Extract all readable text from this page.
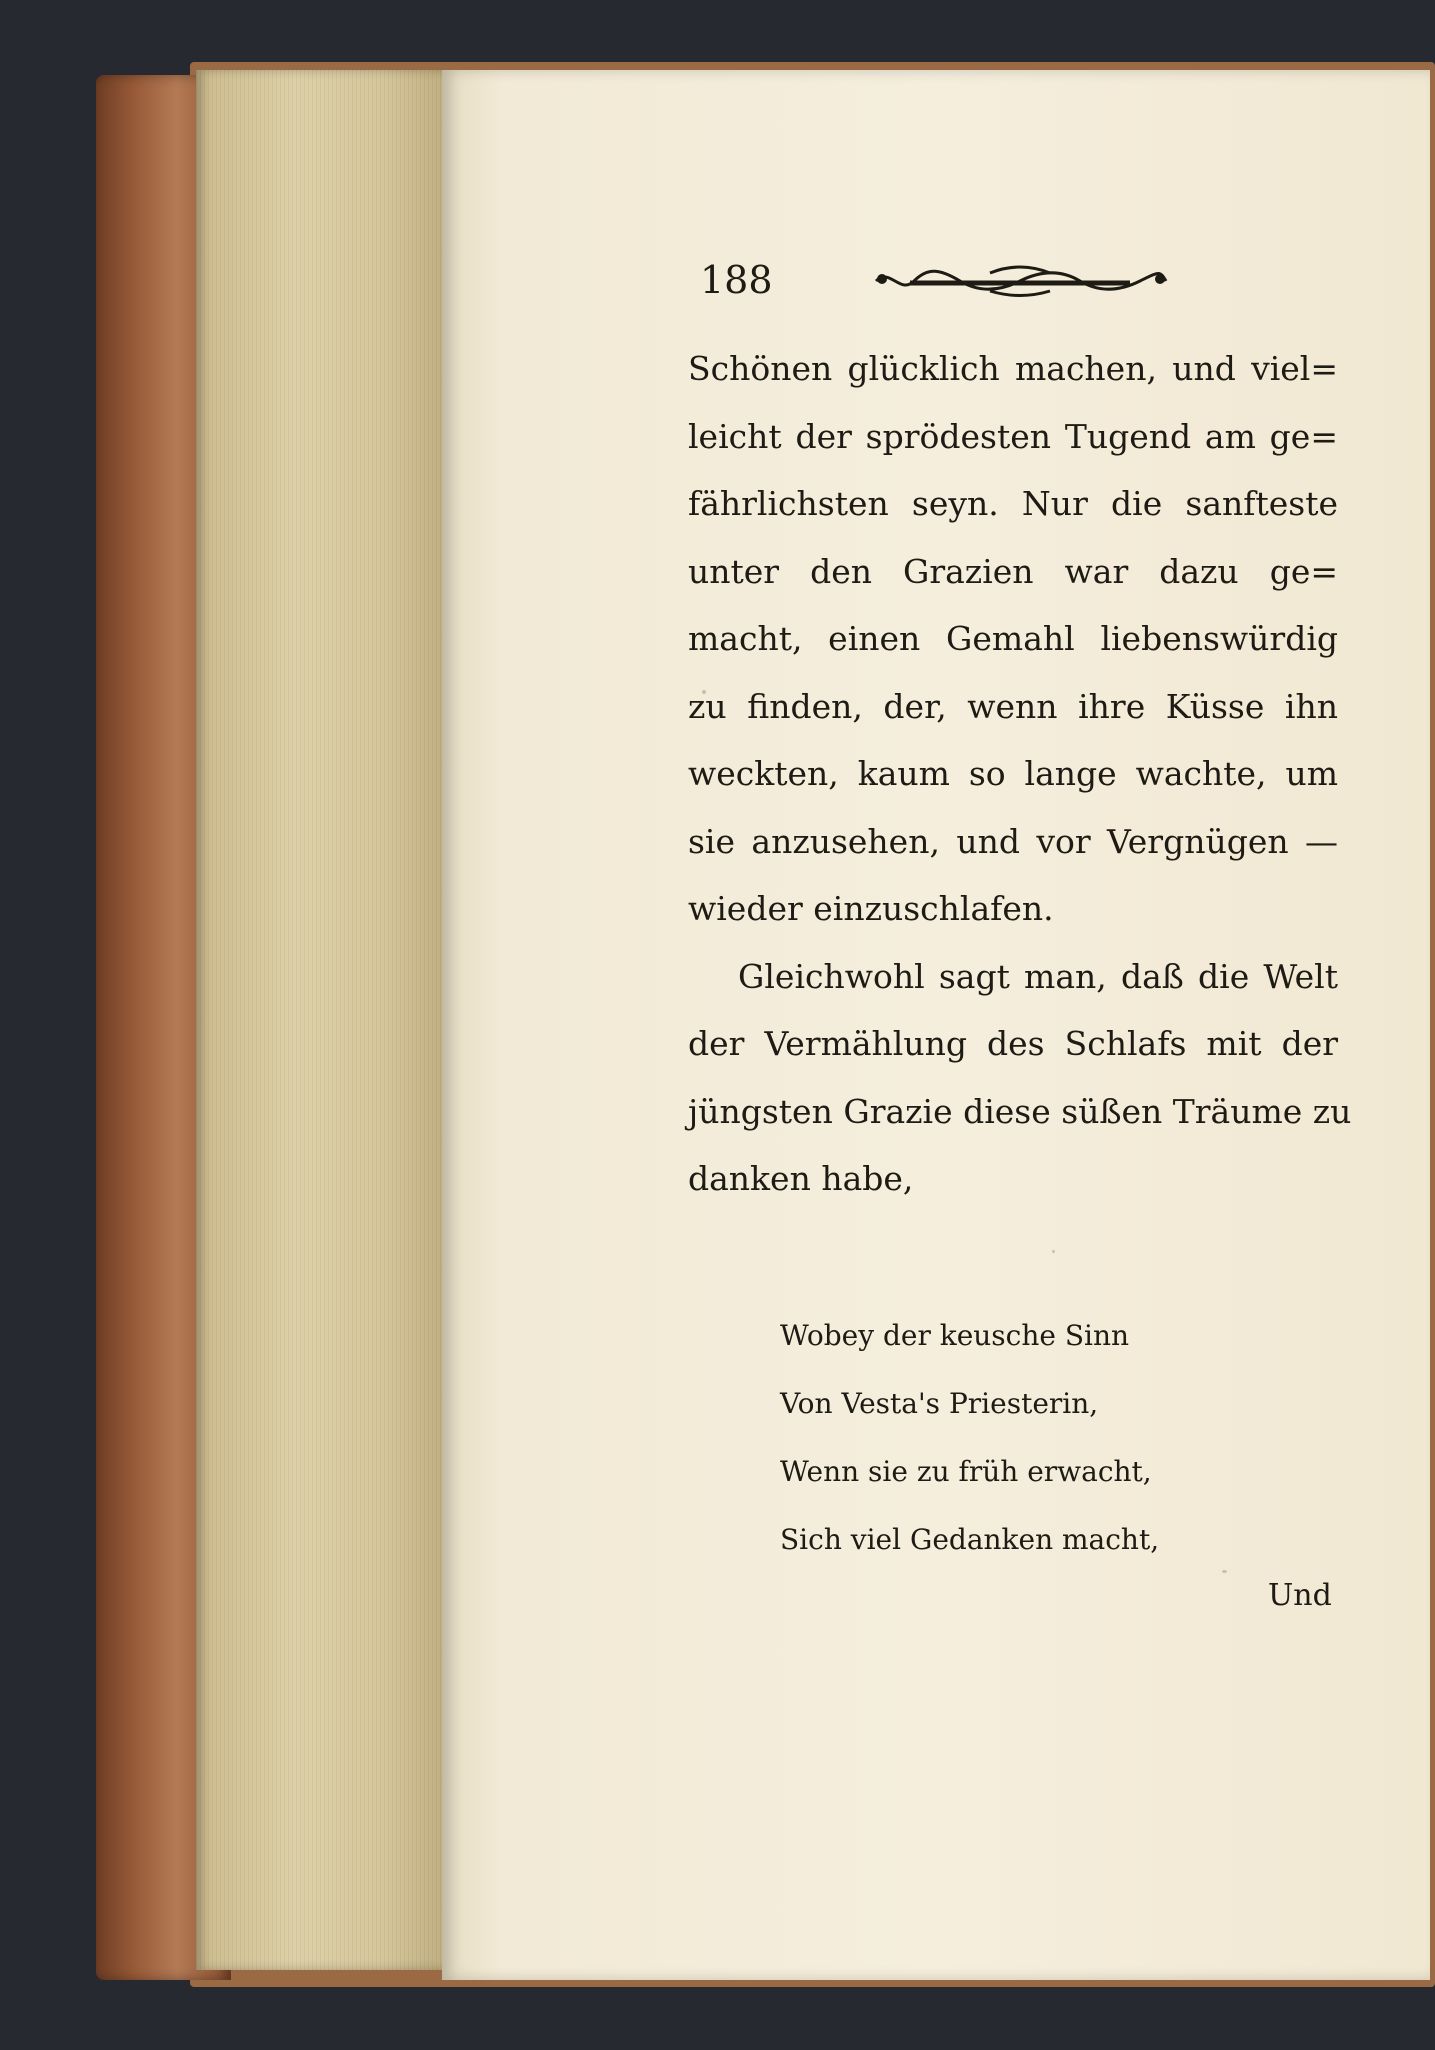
188
Schönen glücklich machen, und viel=
leicht der sprödesten Tugend am ge=
fährlichsten seyn. Nur die sanfteste
unter den Grazien war dazu ge=
macht, einen Gemahl liebenswürdig
zu finden, der, wenn ihre Küsse ihn
weckten, kaum so lange wachte, um
sie anzusehen, und vor Vergnügen —
wieder einzuschlafen.
Gleichwohl sagt man, daß die Welt
der Vermählung des Schlafs mit der
jüngsten Grazie diese süßen Träume zu
danken habe,
Wobey der keusche Sinn
Von Vesta's Priesterin,
Wenn sie zu früh erwacht,
Sich viel Gedanken macht,
Und
